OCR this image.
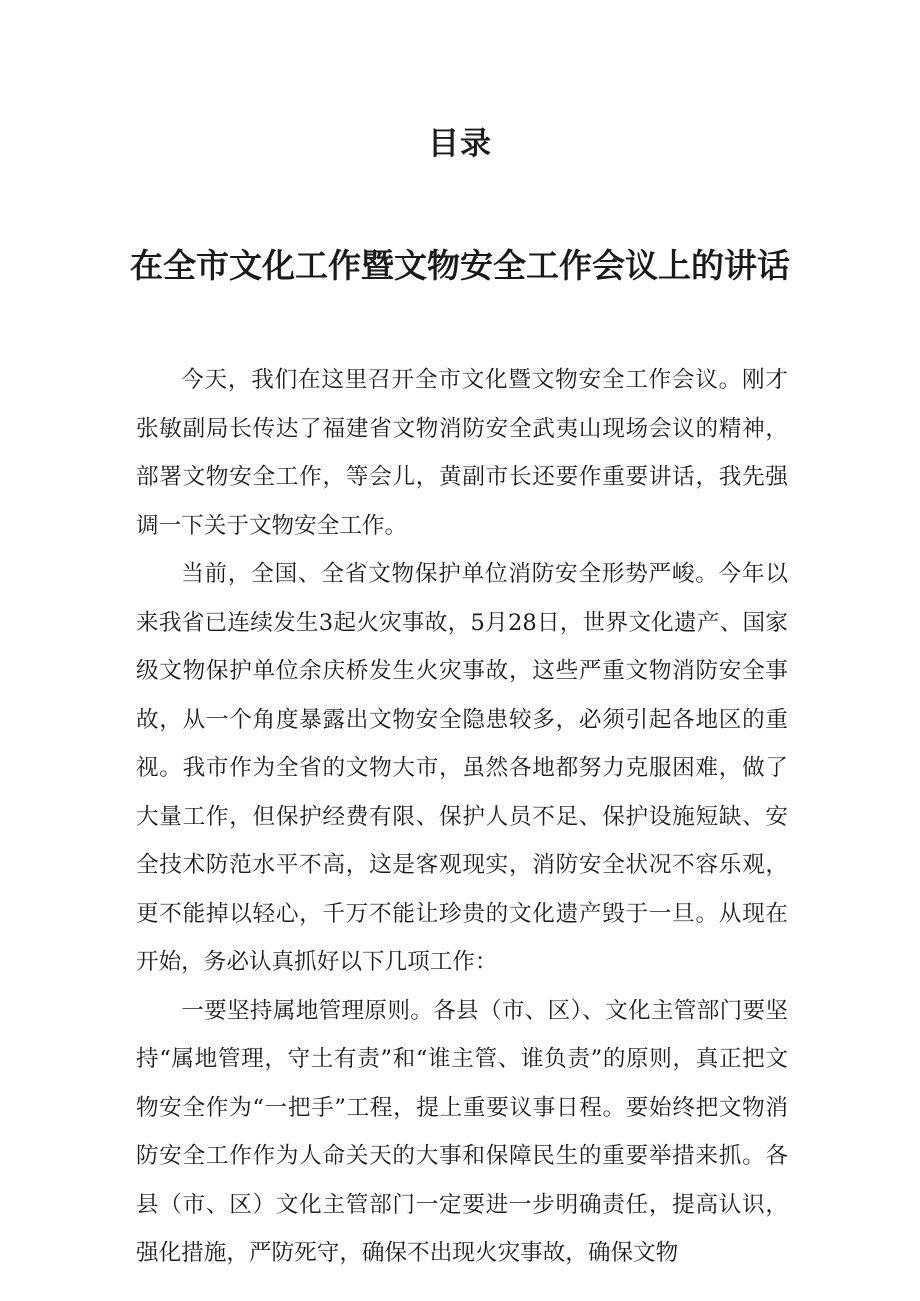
目录
在全市文化工作暨文物安全工作会议上的讲话

今天，我们在这里召开全市文化暨文物安全工作会议。刚才张敏副局长传达了福建省文物消防安全武夷山现场会议的精神，部署文物安全工作，等会儿，黄副市长还要作重要讲话，我先强调一下关于文物安全工作。

当前，全国、全省文物保护单位消防安全形势严峻。今年以来我省已连续发生3起火灾事故，5月28日，世界文化遗产、国家级文物保护单位余庆桥发生火灾事故，这些严重文物消防安全事故，从一个角度暴露出文物安全隐患较多，必须引起各地区的重视。我市作为全省的文物大市，虽然各地都努力克服困难，做了大量工作，但保护经费有限、保护人员不足、保护设施短缺、安全技术防范水平不高，这是客观现实，消防安全状况不容乐观，更不能掉以轻心，千万不能让珍贵的文化遗产毁于一旦。从现在开始，务必认真抓好以下几项工作：

一要坚持属地管理原则。各县（市、区）、文化主管部门要坚持“属地管理，守土有责”和“谁主管、谁负责”的原则，真正把文物安全作为“一把手”工程，提上重要议事日程。要始终把文物消防安全工作作为人命关天的大事和保障民生的重要举措来抓。各县（市、区）文化主管部门一定要进一步明确责任，提高认识，强化措施，严防死守，确保不出现火灾事故，确保文物
